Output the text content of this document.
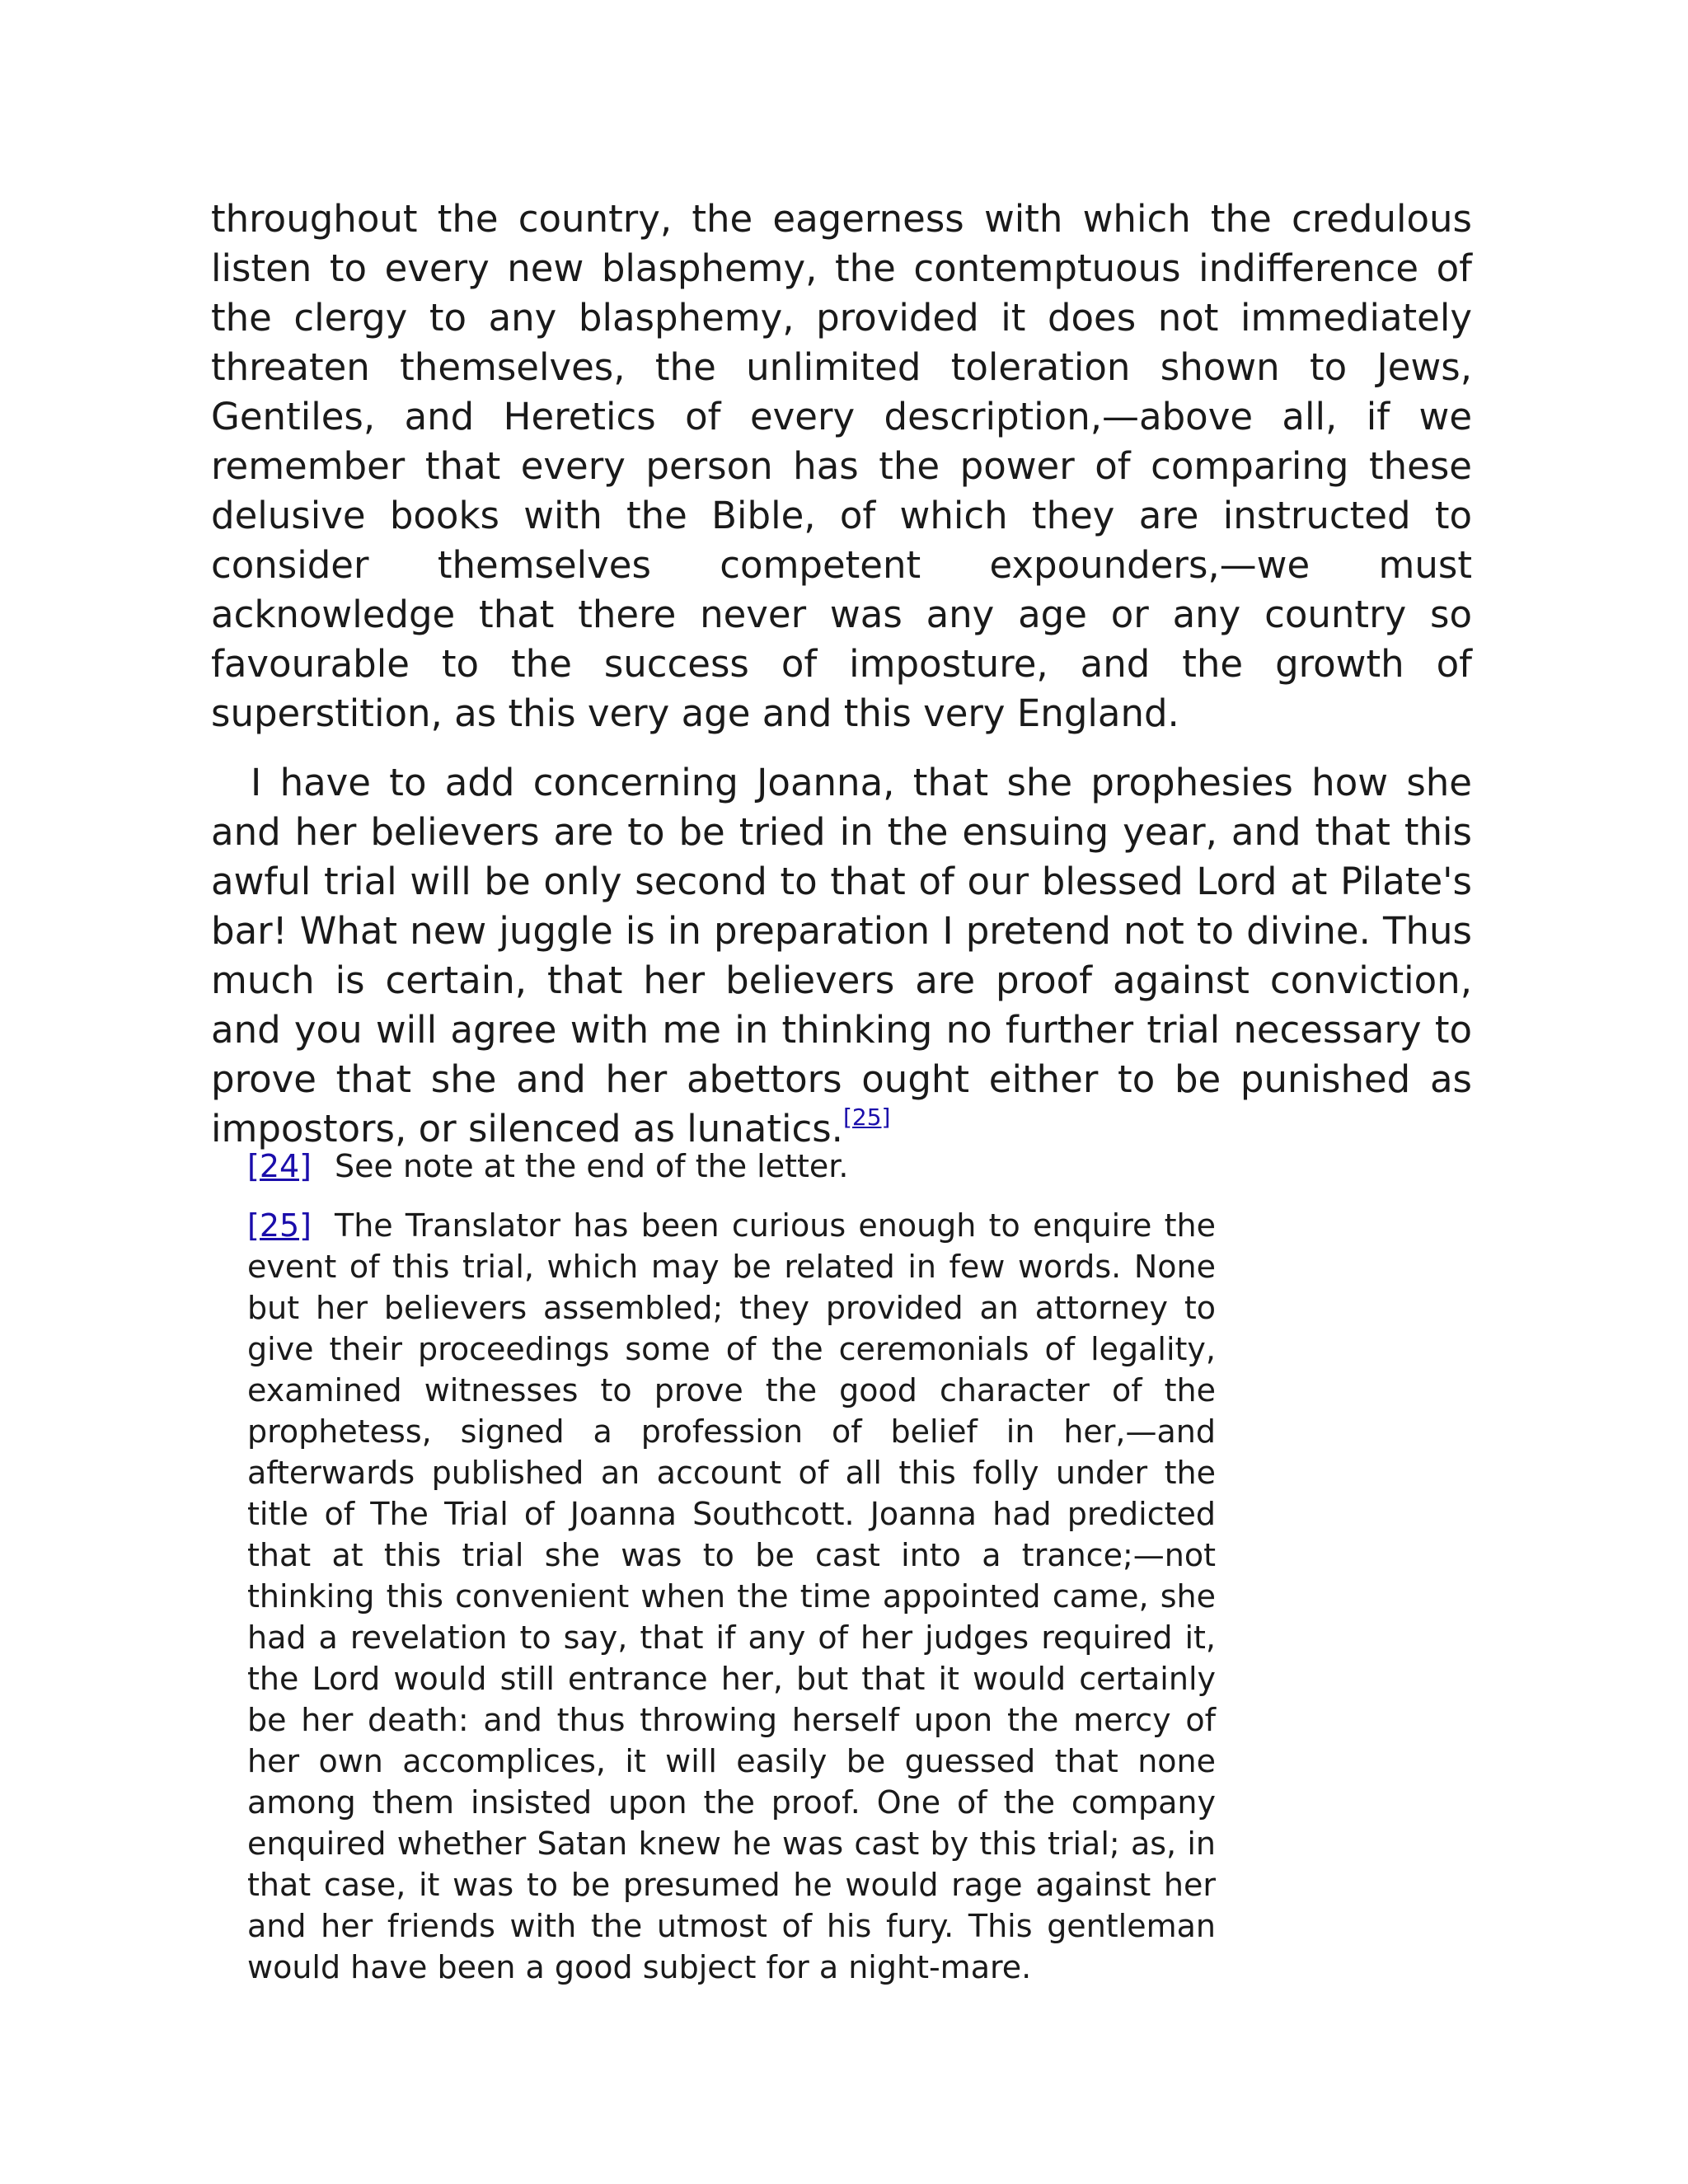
throughout the country, the eagerness with which the credulous listen to every new blasphemy, the contemptuous indifference of the clergy to any blasphemy, provided it does not immediately threaten themselves, the unlimited toleration shown to Jews, Gentiles, and Heretics of every description,—above all, if we remember that every person has the power of comparing these delusive books with the Bible, of which they are instructed to consider themselves competent expounders,—we must acknowledge that there never was any age or any country so favourable to the success of imposture, and the growth of superstition, as this very age and this very England.

I have to add concerning Joanna, that she prophesies how she and her believers are to be tried in the ensuing year, and that this awful trial will be only second to that of our blessed Lord at Pilate's bar! What new juggle is in preparation I pretend not to divine. Thus much is certain, that her believers are proof against conviction, and you will agree with me in thinking no further trial necessary to prove that she and her abettors ought either to be punished as impostors, or silenced as lunatics.[25]

[24] See note at the end of the letter.

[25] The Translator has been curious enough to enquire the event of this trial, which may be related in few words. None but her believers assembled; they provided an attorney to give their proceedings some of the ceremonials of legality, examined witnesses to prove the good character of the prophetess, signed a profession of belief in her,—and afterwards published an account of all this folly under the title of The Trial of Joanna Southcott. Joanna had predicted that at this trial she was to be cast into a trance;—not thinking this convenient when the time appointed came, she had a revelation to say, that if any of her judges required it, the Lord would still entrance her, but that it would certainly be her death: and thus throwing herself upon the mercy of her own accomplices, it will easily be guessed that none among them insisted upon the proof. One of the company enquired whether Satan knew he was cast by this trial; as, in that case, it was to be presumed he would rage against her and her friends with the utmost of his fury. This gentleman would have been a good subject for a night-mare.
